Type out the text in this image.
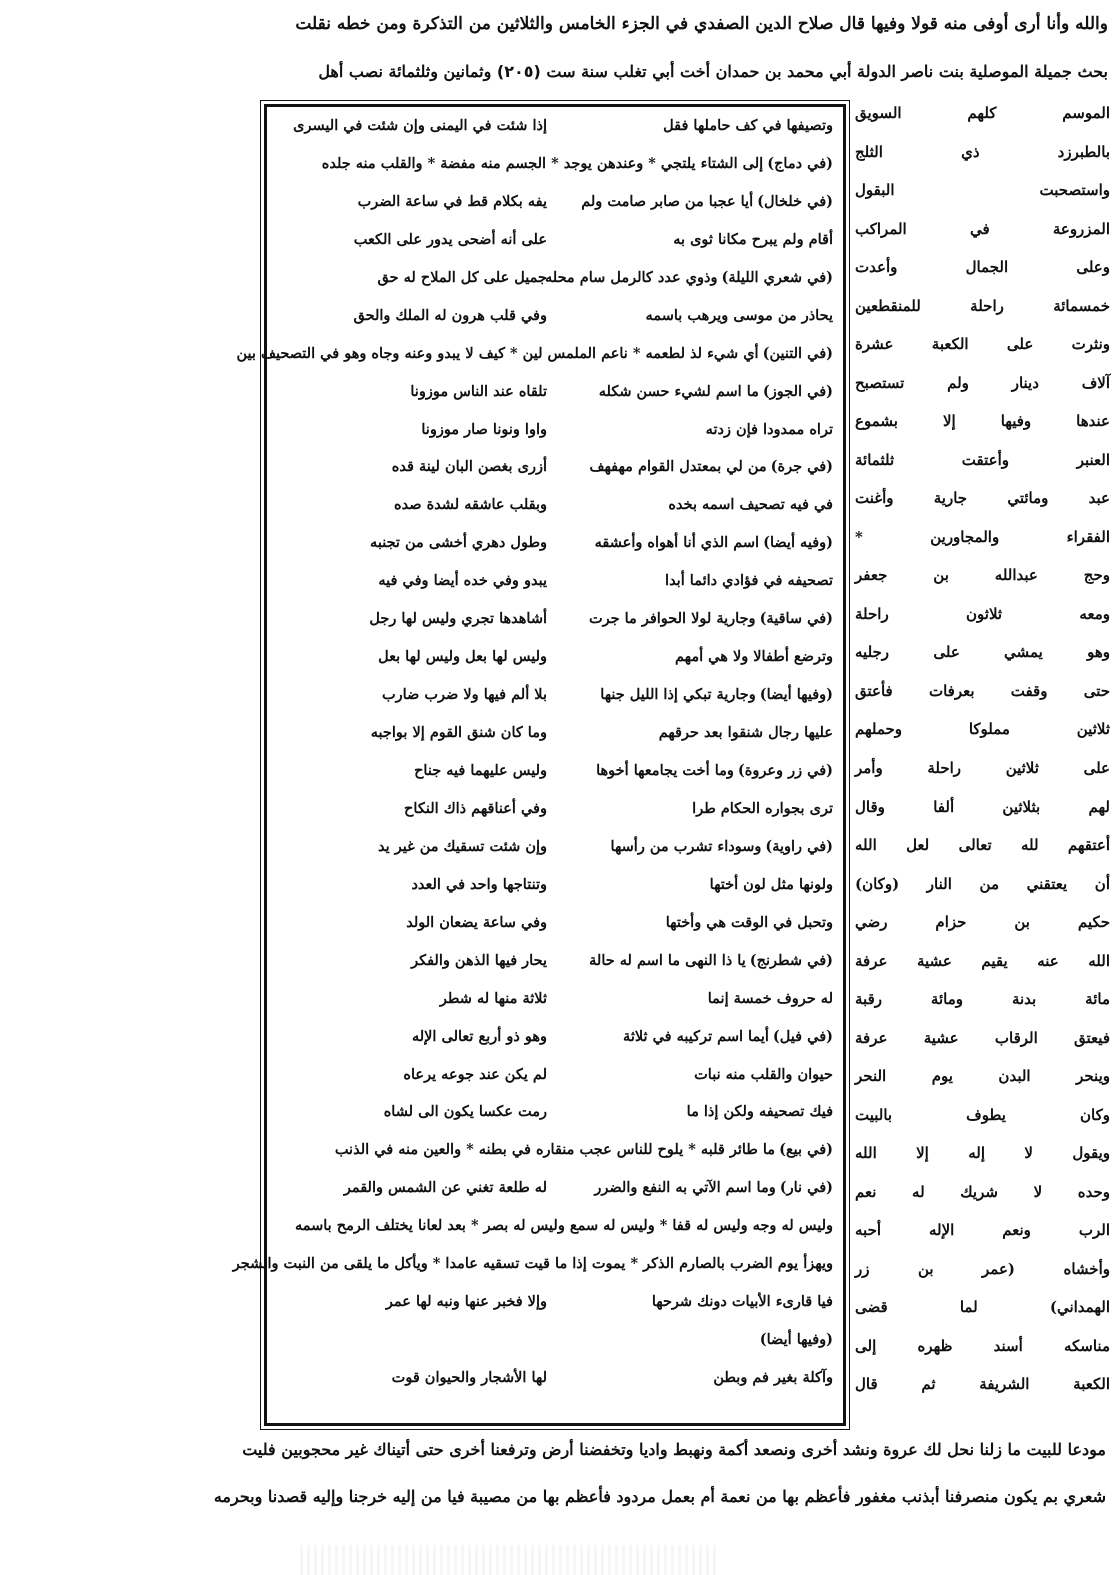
والله وأنا أرى أوفى منه قولا وفيها قال صلاح الدين الصفدي في الجزء الخامس والثلاثين من التذكرة ومن خطه نقلت
بحث جميلة الموصلية بنت ناصر الدولة أبي محمد بن حمدان أخت أبي تغلب سنة ست (٢٠٥) وثمانين وثلثمائة نصب أهل
الموسم كلهم السويق
بالطبرزد ذي الثلج
واستصحبت البقول
المزروعة في المراكب
وعلى الجمال وأعدت
خمسمائة راحلة للمنقطعين
ونثرت على الكعبة عشرة
آلاف دينار ولم تستصبح
عندها وفيها إلا بشموع
العنبر وأعتقت ثلثمائة
عبد ومائتي جارية وأغنت
الفقراء والمجاورين *
وحج عبدالله بن جعفر
ومعه ثلاثون راحلة
وهو يمشي على رجليه
حتى وقفت بعرفات فأعتق
ثلاثين مملوكا وحملهم
على ثلاثين راحلة وأمر
لهم بثلاثين ألفا وقال
أعتقهم لله تعالى لعل الله
أن يعتقني من النار (وكان)
حكيم بن حزام رضي
الله عنه يقيم عشية عرفة
مائة بدنة ومائة رقبة
فيعتق الرقاب عشية عرفة
وينحر البدن يوم النحر
وكان يطوف بالبيت
ويقول لا إله إلا الله
وحده لا شريك له نعم
الرب ونعم الإله أحبه
وأخشاه (عمر بن زر
الهمداني) لما قضى
مناسكه أسند ظهره إلى
الكعبة الشريفة ثم قال
وتصيفها في كف حاملها فقل
إذا شئت في اليمنى وإن شئت في اليسرى
(في دماج)إلى الشتاء يلتجي * وعندهن يوجد * الجسم منه مفضة * والقلب منه جلده
(في خلخال)أيا عجبا من صابر صامت ولم
يفه بكلام قط في ساعة الضرب
أقام ولم يبرح مكانا ثوى به
على أنه أضحى يدور على الكعب
(في شعري الليلة)وذوي عدد كالرمل سام محله
جميل على كل الملاح له حق
يحاذر من موسى ويرهب باسمه
وفي قلب هرون له الملك والحق
(في التنين)أي شيء لذ لطعمه * ناعم الملمس لين * كيف لا يبدو وعنه وجاه وهو في التصحيف بين
(في الجوز)ما اسم لشيء حسن شكله
تلقاه عند الناس موزونا
تراه ممدودا فإن زدته
واوا ونونا صار موزونا
(في جرة)من لي بمعتدل القوام مهفهف
أزرى بغصن البان لينة قده
في فيه تصحيف اسمه بخده
وبقلب عاشقه لشدة صده
(وفيه أيضا)اسم الذي أنا أهواه وأعشقه
وطول دهري أخشى من تجنبه
تصحيفه في فؤادي دائما أبدا
يبدو وفي خده أيضا وفي فيه
(في ساقية)وجارية لولا الحوافر ما جرت
أشاهدها تجري وليس لها رجل
وترضع أطفالا ولا هي أمهم
وليس لها بعل وليس لها بعل
(وفيها أيضا)وجارية تبكي إذا الليل جنها
بلا ألم فيها ولا ضرب ضارب
عليها رجال شنقوا بعد حرقهم
وما كان شنق القوم إلا بواجبه
(في زر وعروة)وما أخت يجامعها أخوها
وليس عليهما فيه جناح
ترى بجواره الحكام طرا
وفي أعناقهم ذاك النكاح
(في راوية)وسوداء تشرب من رأسها
وإن شئت تسقيك من غير يد
ولونها مثل لون أختها
وتنتاجها واحد في العدد
وتحبل في الوقت هي وأختها
وفي ساعة يضعان الولد
(في شطرنج)يا ذا النهى ما اسم له حالة
يحار فيها الذهن والفكر
له حروف خمسة إنما
ثلاثة منها له شطر
(في فيل)أيما اسم تركيبه في ثلاثة
وهو ذو أربع تعالى الإله
حيوان والقلب منه نبات
لم يكن عند جوعه يرعاه
فيك تصحيفه ولكن إذا ما
رمت عكسا يكون الى لشاه
(في بيع)ما طائر قلبه * يلوح للناس عجب منقاره في بطنه * والعين منه في الذنب
(في نار)وما اسم الآتي به النفع والضرر
له طلعة تغني عن الشمس والقمر
وليس له وجه وليس له قفا * وليس له سمع وليس له بصر * بعد لعانا يختلف الرمح باسمه
ويهزأ يوم الضرب بالصارم الذكر * يموت إذا ما قيت تسقيه عامدا * ويأكل ما يلقى من النبت والشجر
فيا قارىء الأبيات دونك شرحها
وإلا فخبر عنها ونبه لها عمر
(وفيها أيضا)
وآكلة بغير فم وبطن
لها الأشجار والحيوان قوت
مودعا للبيت ما زلنا نحل لك عروة ونشد أخرى ونصعد أكمة ونهبط واديا وتخفضنا أرض وترفعنا أخرى حتى أتيناك غير محجوبين فليت
شعري بم يكون منصرفنا أبذنب مغفور فأعظم بها من نعمة أم بعمل مردود فأعظم بها من مصيبة فيا من إليه خرجنا وإليه قصدنا وبحرمه
